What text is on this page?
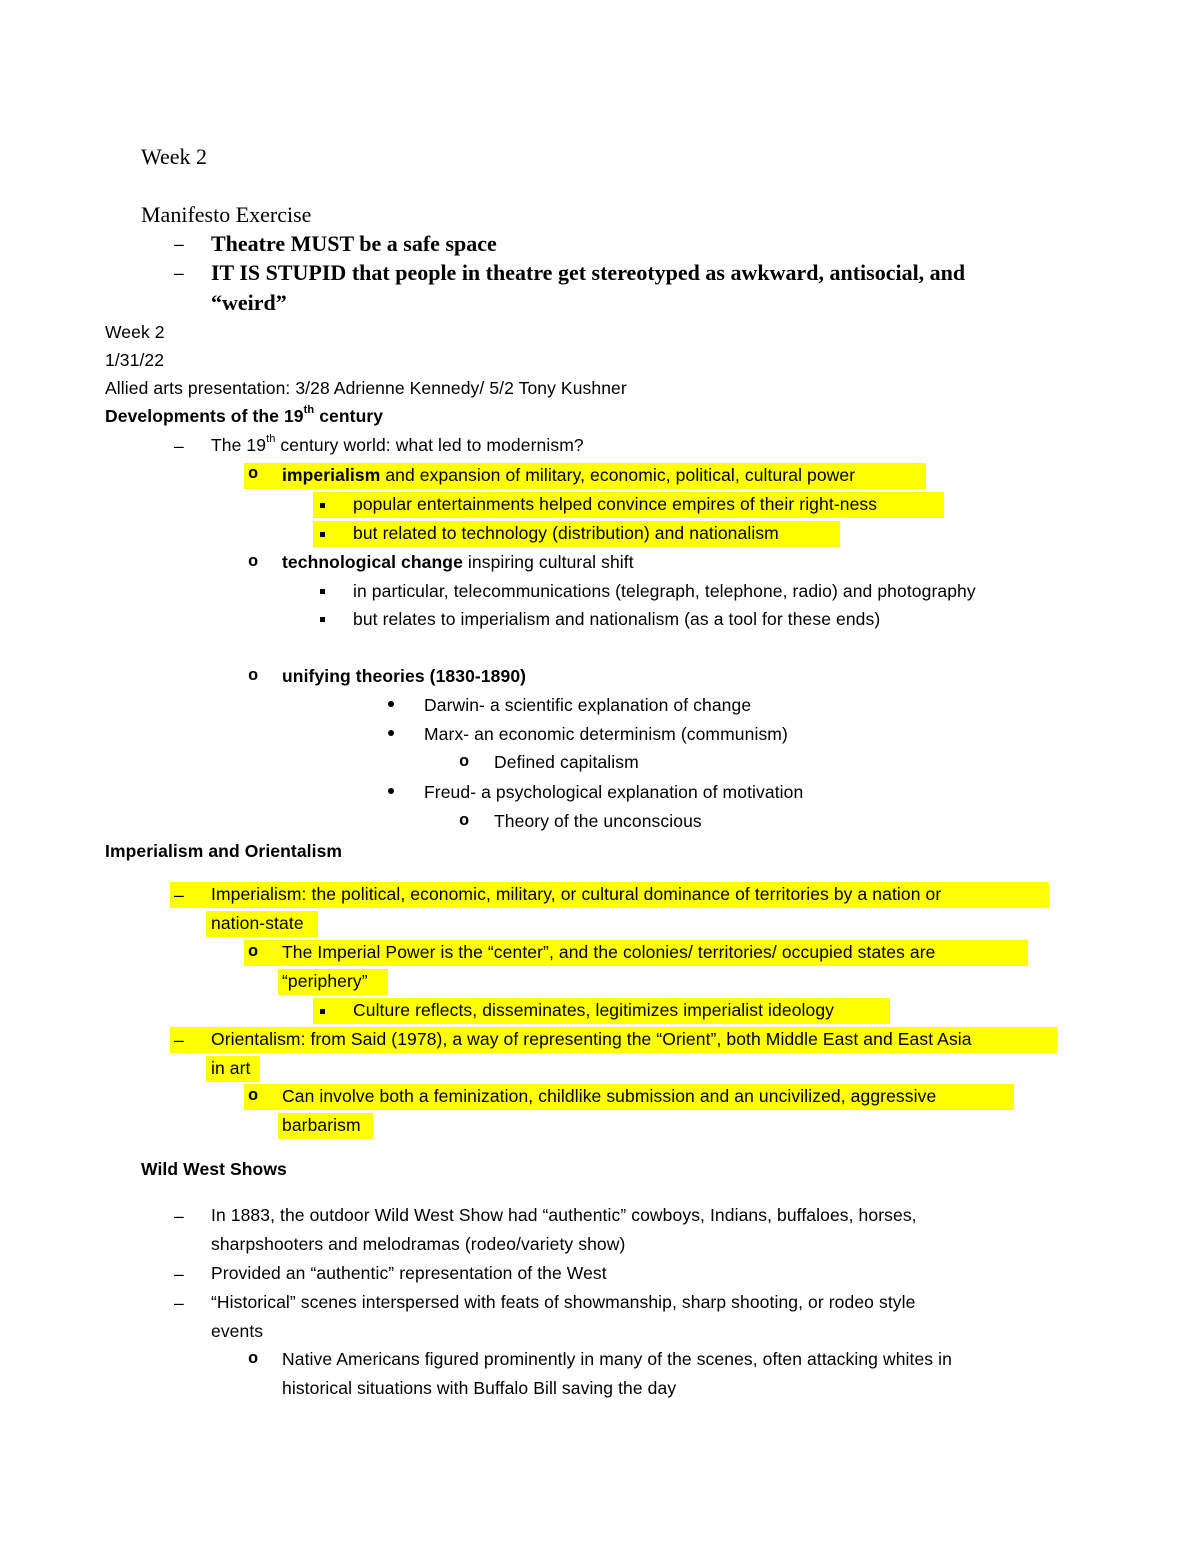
Week 2
Manifesto Exercise
– Theatre MUST be a safe space
– IT IS STUPID that people in theatre get stereotyped as awkward, antisocial, and
“weird”
Week 2
1/31/22
Allied arts presentation: 3/28 Adrienne Kennedy/ 5/2 Tony Kushner
Developments of the 19th century
– The 19th century world: what led to modernism?
o imperialism and expansion of military, economic, political, cultural power
popular entertainments helped convince empires of their right-ness
but related to technology (distribution) and nationalism
o technological change inspiring cultural shift
in particular, telecommunications (telegraph, telephone, radio) and photography
but relates to imperialism and nationalism (as a tool for these ends)
o unifying theories (1830-1890)
Darwin- a scientific explanation of change
Marx- an economic determinism (communism)
o Defined capitalism
Freud- a psychological explanation of motivation
o Theory of the unconscious
Imperialism and Orientalism
– Imperialism: the political, economic, military, or cultural dominance of territories by a nation or
nation-state
o The Imperial Power is the “center”, and the colonies/ territories/ occupied states are
“periphery”
Culture reflects, disseminates, legitimizes imperialist ideology
– Orientalism: from Said (1978), a way of representing the “Orient”, both Middle East and East Asia
in art
o Can involve both a feminization, childlike submission and an uncivilized, aggressive
barbarism
Wild West Shows
– In 1883, the outdoor Wild West Show had “authentic” cowboys, Indians, buffaloes, horses,
sharpshooters and melodramas (rodeo/variety show)
– Provided an “authentic” representation of the West
– “Historical” scenes interspersed with feats of showmanship, sharp shooting, or rodeo style
events
o Native Americans figured prominently in many of the scenes, often attacking whites in
historical situations with Buffalo Bill saving the day
